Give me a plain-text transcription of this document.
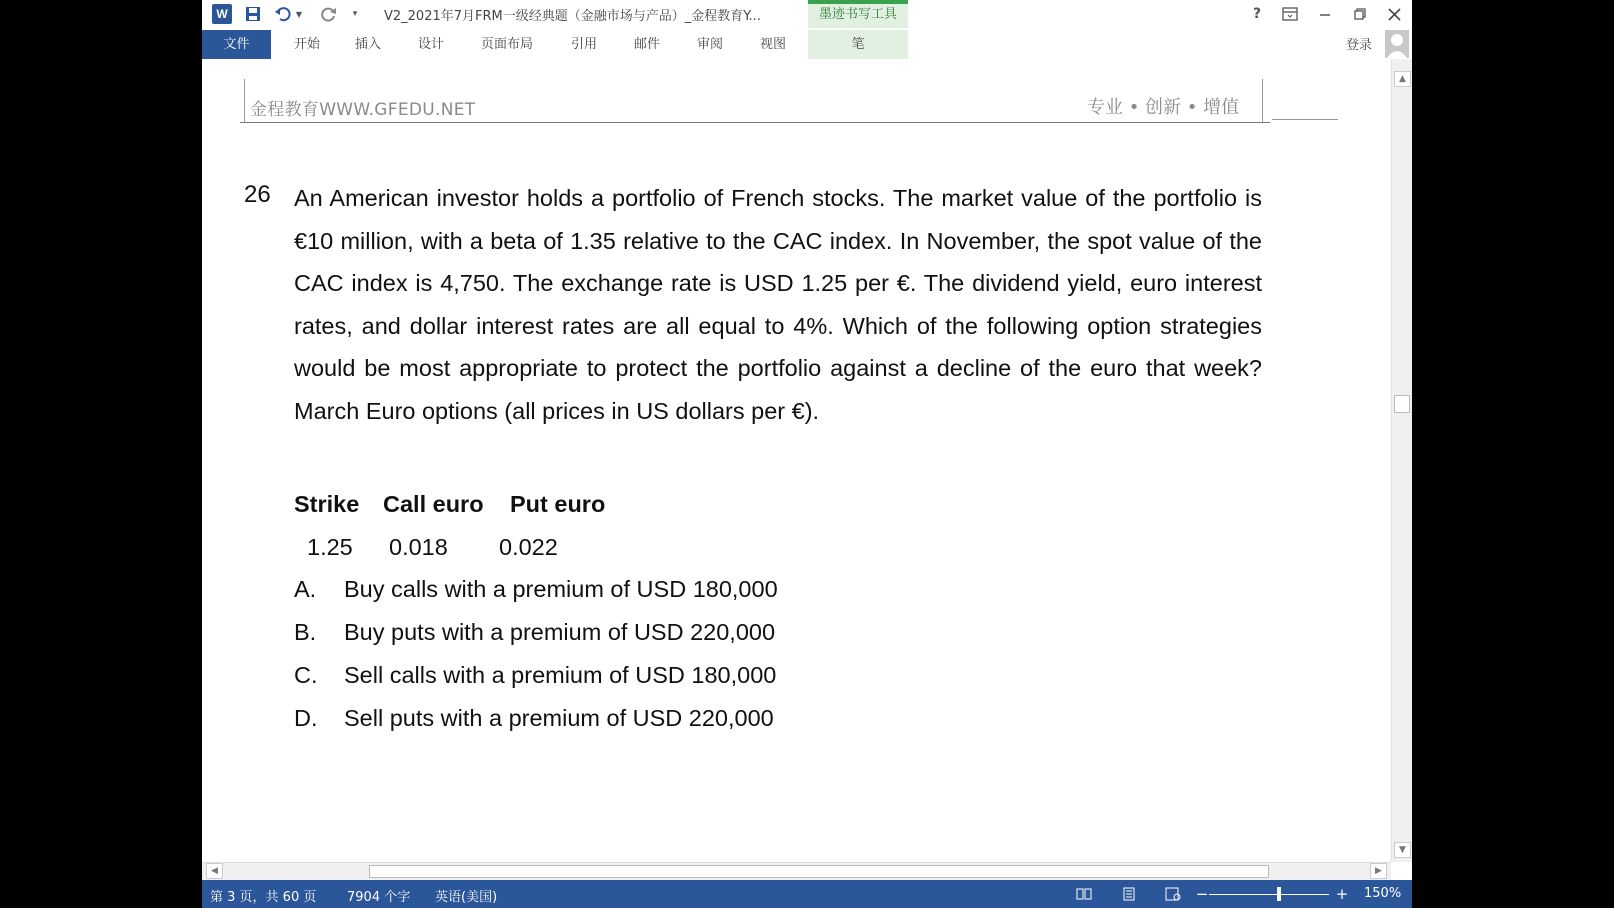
W	▼	▾	V2_2021年7月FRM一级经典题（金融市场与产品）_金程教育Y...	墨迹书写工具	?
文件	开始	插入	设计	页面布局	引用	邮件	审阅	视图	笔	登录
金程教育WWW.GFEDU.NET	专业 • 创新 • 增值
26 An American investor holds a portfolio of French stocks. The market value of the portfolio is €10 million, with a beta of 1.35 relative to the CAC index. In November, the spot value of the CAC index is 4,750. The exchange rate is USD 1.25 per €. The dividend yield, euro interest rates, and dollar interest rates are all equal to 4%. Which of the following option strategies would be most appropriate to protect the portfolio against a decline of the euro that week? March Euro options (all prices in US dollars per €).

Strike Call euro Put euro
1.25 0.018 0.022
A. Buy calls with a premium of USD 180,000
B. Buy puts with a premium of USD 220,000
C. Sell calls with a premium of USD 180,000
D. Sell puts with a premium of USD 220,000
▲
▼
◀	▶
第 3 页，共 60 页 7904 个字 英语(美国)	−	+ 150%
